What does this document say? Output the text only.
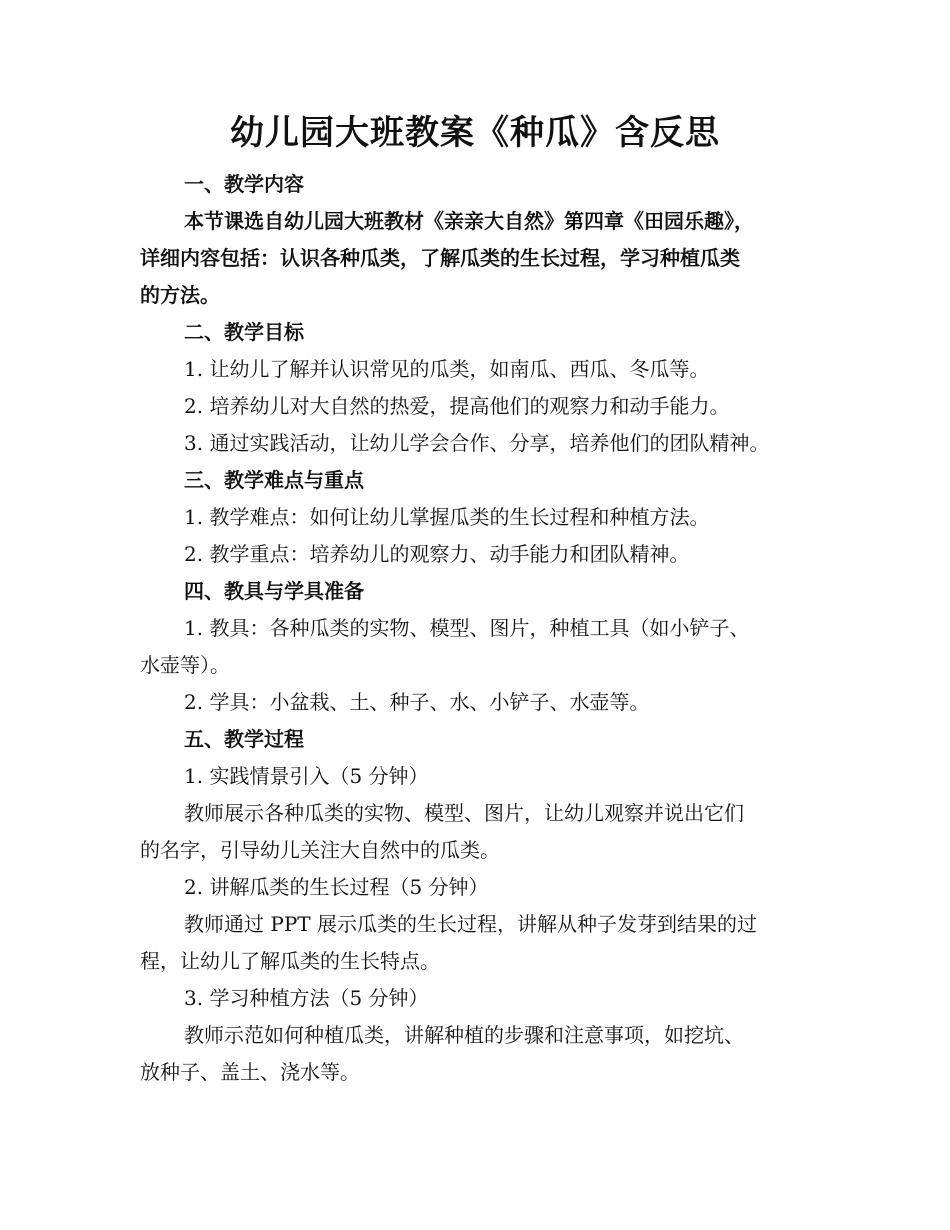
幼儿园大班教案《种瓜》含反思

一、教学内容

本节课选自幼儿园大班教材《亲亲大自然》第四章《田园乐趣》，

详细内容包括：认识各种瓜类，了解瓜类的生长过程，学习种植瓜类

的方法。

二、教学目标

1. 让幼儿了解并认识常见的瓜类，如南瓜、西瓜、冬瓜等。

2. 培养幼儿对大自然的热爱，提高他们的观察力和动手能力。

3. 通过实践活动，让幼儿学会合作、分享，培养他们的团队精神。

三、教学难点与重点

1. 教学难点：如何让幼儿掌握瓜类的生长过程和种植方法。

2. 教学重点：培养幼儿的观察力、动手能力和团队精神。

四、教具与学具准备

1. 教具：各种瓜类的实物、模型、图片，种植工具（如小铲子、

水壶等）。

2. 学具：小盆栽、土、种子、水、小铲子、水壶等。

五、教学过程

1. 实践情景引入（5 分钟）

教师展示各种瓜类的实物、模型、图片，让幼儿观察并说出它们

的名字，引导幼儿关注大自然中的瓜类。

2. 讲解瓜类的生长过程（5 分钟）

教师通过 PPT 展示瓜类的生长过程，讲解从种子发芽到结果的过

程，让幼儿了解瓜类的生长特点。

3. 学习种植方法（5 分钟）

教师示范如何种植瓜类，讲解种植的步骤和注意事项，如挖坑、

放种子、盖土、浇水等。
